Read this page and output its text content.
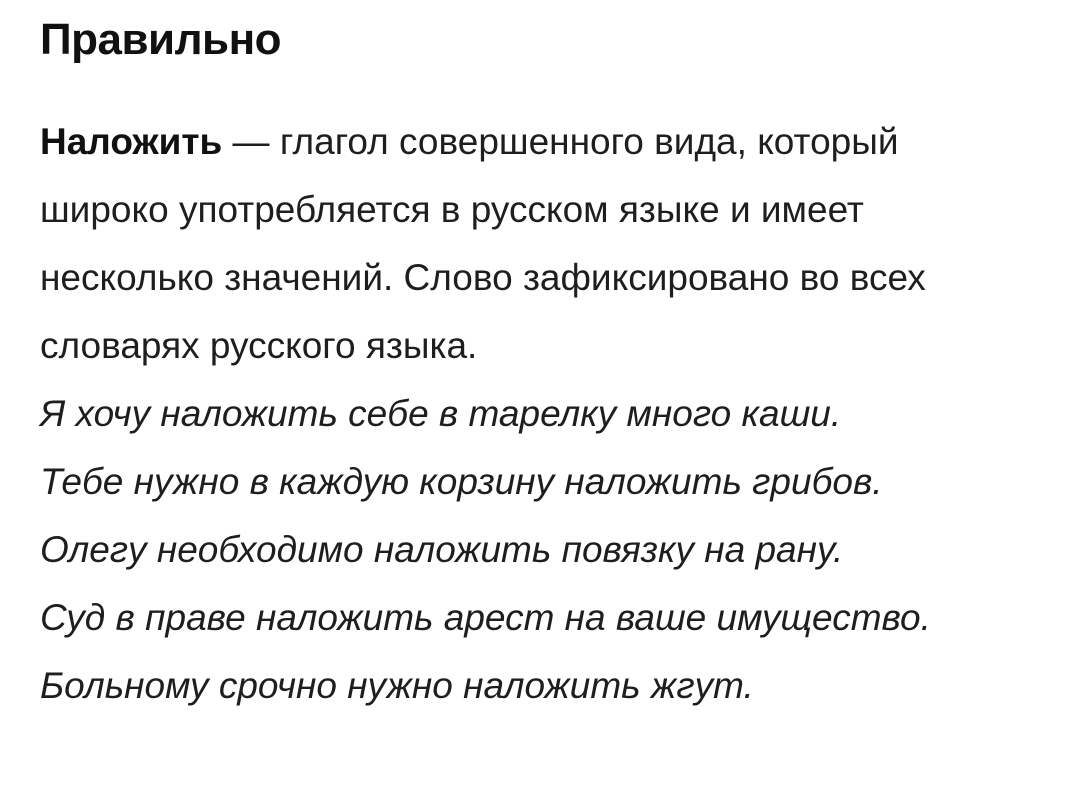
Правильно

Наложить — глагол совершенного вида, который широко употребляется в русском языке и имеет несколько значений. Слово зафиксировано во всех словарях русского языка.

Я хочу наложить себе в тарелку много каши.
Тебе нужно в каждую корзину наложить грибов.
Олегу необходимо наложить повязку на рану.
Суд в праве наложить арест на ваше имущество.
Больному срочно нужно наложить жгут.
